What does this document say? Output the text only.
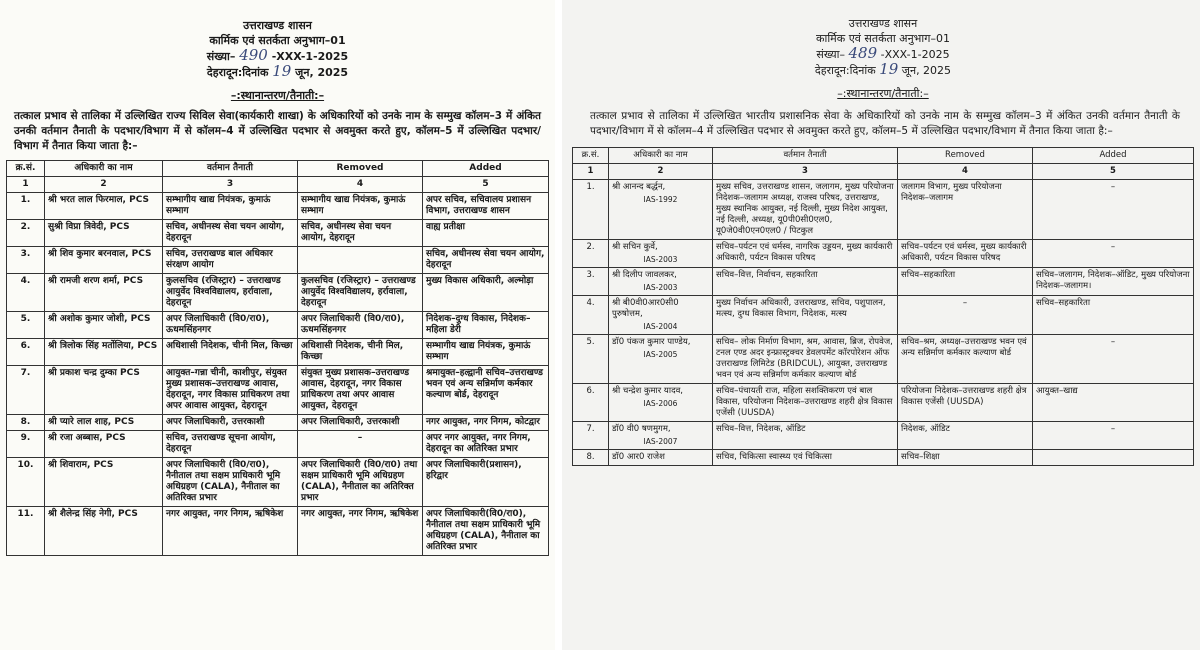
उत्तराखण्ड शासन
कार्मिक एवं सतर्कता अनुभाग–01
संख्या– 490 -XXX-1-2025
देहरादून:दिनांक 19 जून, 2025
–:स्थानान्तरण/तैनाती:–
तत्काल प्रभाव से तालिका में उल्लिखित राज्य सिविल सेवा(कार्यकारी शाखा) के अधिकारियों को उनके नाम के सम्मुख कॉलम–3 में अंकित उनकी वर्तमान तैनाती के पदभार/विभाग में से कॉलम–4 में उल्लिखित पदभार से अवमुक्त करते हुए, कॉलम–5 में उल्लिखित पदभार/विभाग में तैनात किया जाता है:–
क्र.सं.	अधिकारी का नाम	वर्तमान तैनाती	Removed	Added
1	2	3	4	5
1.	श्री भरत लाल फिरमाल, PCS	सम्भागीय खाद्य नियंत्रक, कुमाऊं सम्भाग	सम्भागीय खाद्य नियंत्रक, कुमाऊं सम्भाग	अपर सचिव, सचिवालय प्रशासन विभाग, उत्तराखण्ड शासन
2.	सुश्री विप्रा त्रिवेदी, PCS	सचिव, अधीनस्थ सेवा चयन आयोग, देहरादून	सचिव, अधीनस्थ सेवा चयन आयोग, देहरादून	वाह्य प्रतीक्षा
3.	श्री शिव कुमार बरनवाल, PCS	सचिव, उत्तराखण्ड बाल अधिकार संरक्षण आयोग		सचिव, अधीनस्थ सेवा चयन आयोग, देहरादून
4.	श्री रामजी शरण शर्मा, PCS	कुलसचिव (रजिस्ट्रार) – उत्तराखण्ड आयुर्वेद विश्वविद्यालय, हर्रावाला, देहरादून	कुलसचिव (रजिस्ट्रार) – उत्तराखण्ड आयुर्वेद विश्वविद्यालय, हर्रावाला, देहरादून	मुख्य विकास अधिकारी, अल्मोड़ा
5.	श्री अशोक कुमार जोशी, PCS	अपर जिलाधिकारी (वि0/रा0), ऊधमसिंहनगर	अपर जिलाधिकारी (वि0/रा0), ऊधमसिंहनगर	निदेशक–दुग्ध विकास, निदेशक–महिला डेरी
6.	श्री त्रिलोक सिंह मर्तोलिया, PCS	अधिशासी निदेशक, चीनी मिल, किच्छा	अधिशासी निदेशक, चीनी मिल, किच्छा	सम्भागीय खाद्य नियंत्रक, कुमाऊं सम्भाग
7.	श्री प्रकाश चन्द्र दुम्का PCS	आयुक्त–गन्ना चीनी, काशीपुर, संयुक्त मुख्य प्रशासक–उत्तराखण्ड आवास, देहरादून, नगर विकास प्राधिकरण तथा अपर आवास आयुक्त, देहरादून	संयुक्त मुख्य प्रशासक–उत्तराखण्ड आवास, देहरादून, नगर विकास प्राधिकरण तथा अपर आवास आयुक्त, देहरादून	श्रमायुक्त–हल्द्वानी सचिव–उत्तराखण्ड भवन एवं अन्य सन्निर्माण कर्मकार कल्याण बोर्ड, देहरादून
8.	श्री प्यारे लाल शाह, PCS	अपर जिलाधिकारी, उत्तरकाशी	अपर जिलाधिकारी, उत्तरकाशी	नगर आयुक्त, नगर निगम, कोटद्वार
9.	श्री रजा अब्बास, PCS	सचिव, उत्तराखण्ड सूचना आयोग, देहरादून	–	अपर नगर आयुक्त, नगर निगम, देहरादून का अतिरिक्त प्रभार
10.	श्री शिवाराम, PCS	अपर जिलाधिकारी (वि0/रा0), नैनीताल तथा सक्षम प्राधिकारी भूमि अधिग्रहण (CALA), नैनीताल का अतिरिक्त प्रभार	अपर जिलाधिकारी (वि0/रा0) तथा सक्षम प्राधिकारी भूमि अधिग्रहण (CALA), नैनीताल का अतिरिक्त प्रभार	अपर जिलाधिकारी(प्रशासन), हरिद्वार
11.	श्री शैलेन्द्र सिंह नेगी, PCS	नगर आयुक्त, नगर निगम, ऋषिकेश	नगर आयुक्त, नगर निगम, ऋषिकेश	अपर जिलाधिकारी(वि0/रा0), नैनीताल तथा सक्षम प्राधिकारी भूमि अधिग्रहण (CALA), नैनीताल का अतिरिक्त प्रभार
उत्तराखण्ड शासन
कार्मिक एवं सतर्कता अनुभाग–01
संख्या– 489 -XXX-1-2025
देहरादून:दिनांक 19 जून, 2025
–:स्थानान्तरण/तैनाती:–
तत्काल प्रभाव से तालिका में उल्लिखित भारतीय प्रशासनिक सेवा के अधिकारियों को उनके नाम के सम्मुख कॉलम–3 में अंकित उनकी वर्तमान तैनाती के पदभार/विभाग में से कॉलम–4 में उल्लिखित पदभार से अवमुक्त करते हुए, कॉलम–5 में उल्लिखित पदभार/विभाग में तैनात किया जाता है:–
क्र.सं.	अधिकारी का नाम	वर्तमान तैनाती	Removed	Added
1	2	3	4	5
1.	श्री आनन्द बर्द्धन,
IAS-1992	मुख्य सचिव, उत्तराखण्ड शासन, जलागम, मुख्य परियोजना निदेशक–जलागम अध्यक्ष, राजस्व परिषद, उत्तराखण्ड, मुख्य स्थानिक आयुक्त, नई दिल्ली, मुख्य निदेश आयुक्त, नई दिल्ली, अध्यक्ष, यू0पी0सी0एल0, यू0जे0वी0एन0एल0 / पिटकुल	जलागम विभाग, मुख्य परियोजना निदेशक–जलागम	–
2.	श्री सचिन कुर्वे,
IAS-2003	सचिव–पर्यटन एवं धर्मस्व, नागरिक उड्डयन, मुख्य कार्यकारी अधिकारी, पर्यटन विकास परिषद	सचिव–पर्यटन एवं धर्मस्व, मुख्य कार्यकारी अधिकारी, पर्यटन विकास परिषद	–
3.	श्री दिलीप जावलकर,
IAS-2003	सचिव–वित्त, निर्वाचन, सहकारिता	सचिव–सहकारिता	सचिव–जलागम, निदेशक–ऑडिट, मुख्य परियोजना निदेशक–जलागम।
4.	श्री बी0वी0आर0सी0 पुरुषोत्तम,
IAS-2004	मुख्य निर्वाचन अधिकारी, उत्तराखण्ड, सचिव, पशुपालन, मत्स्य, दुग्ध विकास विभाग, निदेशक, मत्स्य	–	सचिव–सहकारिता
5.	डॉ0 पंकज कुमार पाण्डेय,
IAS-2005	सचिव– लोक निर्माण विभाग, श्रम, आवास, ब्रिज, रोपवेज, टनल एण्ड अदर इन्फ्रास्ट्रक्चर डेवलपमेंट कॉरपोरेशन ऑफ उत्तराखण्ड लिमिटेड (BRIDCUL), आयुक्त, उत्तराखण्ड भवन एवं अन्य सन्निर्माण कर्मकार कल्याण बोर्ड	सचिव–श्रम, अध्यक्ष–उत्तराखण्ड भवन एवं अन्य सन्निर्माण कर्मकार कल्याण बोर्ड	–
6.	श्री चन्द्रेश कुमार यादव,
IAS-2006	सचिव–पंचायती राज, महिला सशक्तिकरण एवं बाल विकास, परियोजना निदेशक–उत्तराखण्ड शहरी क्षेत्र विकास एजेंसी (UUSDA)	परियोजना निदेशक–उत्तराखण्ड शहरी क्षेत्र विकास एजेंसी (UUSDA)	आयुक्त–खाद्य
7.	डॉ0 वी0 षणमुगम,
IAS-2007	सचिव–वित्त, निदेशक, ऑडिट	निदेशक, ऑडिट	–
8.	डॉ0 आर0 राजेश	सचिव, चिकित्सा स्वास्थ्य एवं चिकित्सा	सचिव–शिक्षा	
